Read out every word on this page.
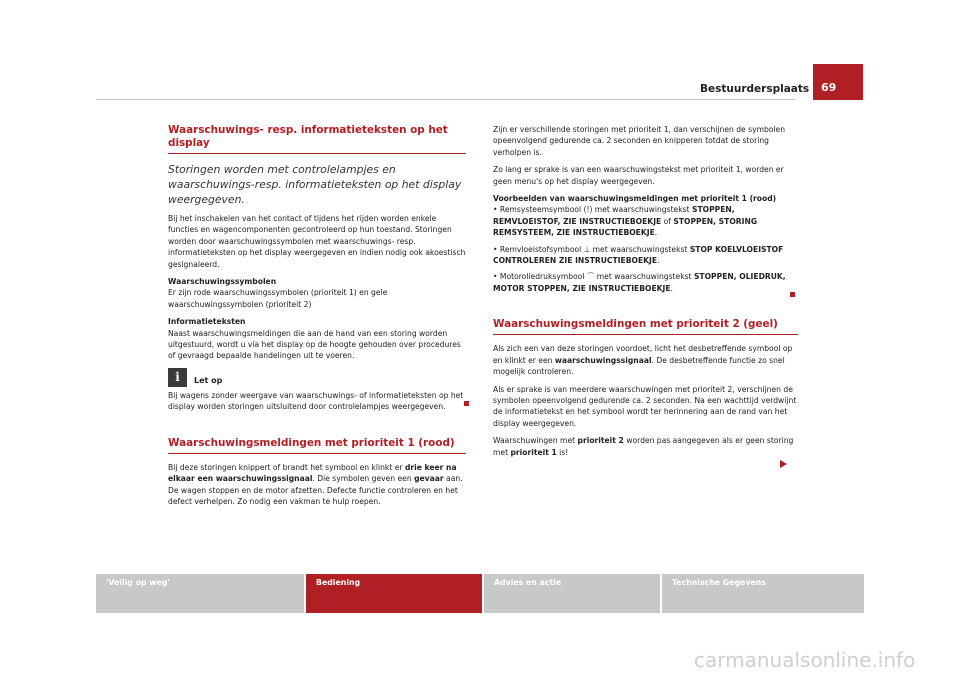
Bestuurdersplaats 69
Waarschuwings- resp. informatieteksten op het display
Storingen worden met controlelampjes en waarschuwings-resp. informatieteksten op het display weergegeven.

Bij het inschakelen van het contact of tijdens het rijden worden enkele functies en wagencomponenten gecontroleerd op hun toestand. Storingen worden door waarschuwingssymbolen met waarschuwings- resp. informatieteksten op het display weergegeven en indien nodig ook akoestisch gesignaleerd.

Waarschuwingssymbolen

Er zijn rode waarschuwingssymbolen (prioriteit 1) en gele waarschuwingssymbolen (prioriteit 2)

Informatieteksten

Naast waarschuwingsmeldingen die aan de hand van een storing worden uitgestuurd, wordt u via het display op de hoogte gehouden over procedures of gevraagd bepaalde handelingen uit te voeren.

i	Let op

Bij wagens zonder weergave van waarschuwings- of informatieteksten op het display worden storingen uitsluitend door controlelampjes weergegeven.

Waarschuwingsmeldingen met prioriteit 1 (rood)

Bij deze storingen knippert of brandt het symbool en klinkt er drie keer na elkaar een waarschuwingssignaal. Die symbolen geven een gevaar aan. De wagen stoppen en de motor afzetten. Defecte functie controleren en het defect verhelpen. Zo nodig een vakman te hulp roepen.

Zijn er verschillende storingen met prioriteit 1, dan verschijnen de symbolen opeenvolgend gedurende ca. 2 seconden en knipperen totdat de storing verholpen is.

Zo lang er sprake is van een waarschuwingstekst met prioriteit 1, worden er geen menu's op het display weergegeven.

Voorbeelden van waarschuwingsmeldingen met prioriteit 1 (rood)

• Remsysteemsymbool (!) met waarschuwingstekst STOPPEN, REMVLOEISTOF, ZIE INSTRUCTIEBOEKJE of STOPPEN, STORING REMSYSTEEM, ZIE INSTRUCTIEBOEKJE.

• Remvloeistofsymbool ⊥ met waarschuwingstekst STOP KOELVLOEISTOF CONTROLEREN ZIE INSTRUCTIEBOEKJE.

• Motoroliedruksymbool ⌒ met waarschuwingstekst STOPPEN, OLIEDRUK, MOTOR STOPPEN, ZIE INSTRUCTIEBOEKJE.

Waarschuwingsmeldingen met prioriteit 2 (geel)

Als zich een van deze storingen voordoet, licht het desbetreffende symbool op en klinkt er een waarschuwingssignaal. De desbetreffende functie zo snel mogelijk controleren.

Als er sprake is van meerdere waarschuwingen met prioriteit 2, verschijnen de symbolen opeenvolgend gedurende ca. 2 seconden. Na een wachttijd verdwijnt de informatietekst en het symbool wordt ter herinnering aan de rand van het display weergegeven.

Waarschuwingen met prioriteit 2 worden pas aangegeven als er geen storing met prioriteit 1 is!

'Veilig op weg'	Bediening	Advies en actie	Technische Gegevens
carmanualsonline.info
